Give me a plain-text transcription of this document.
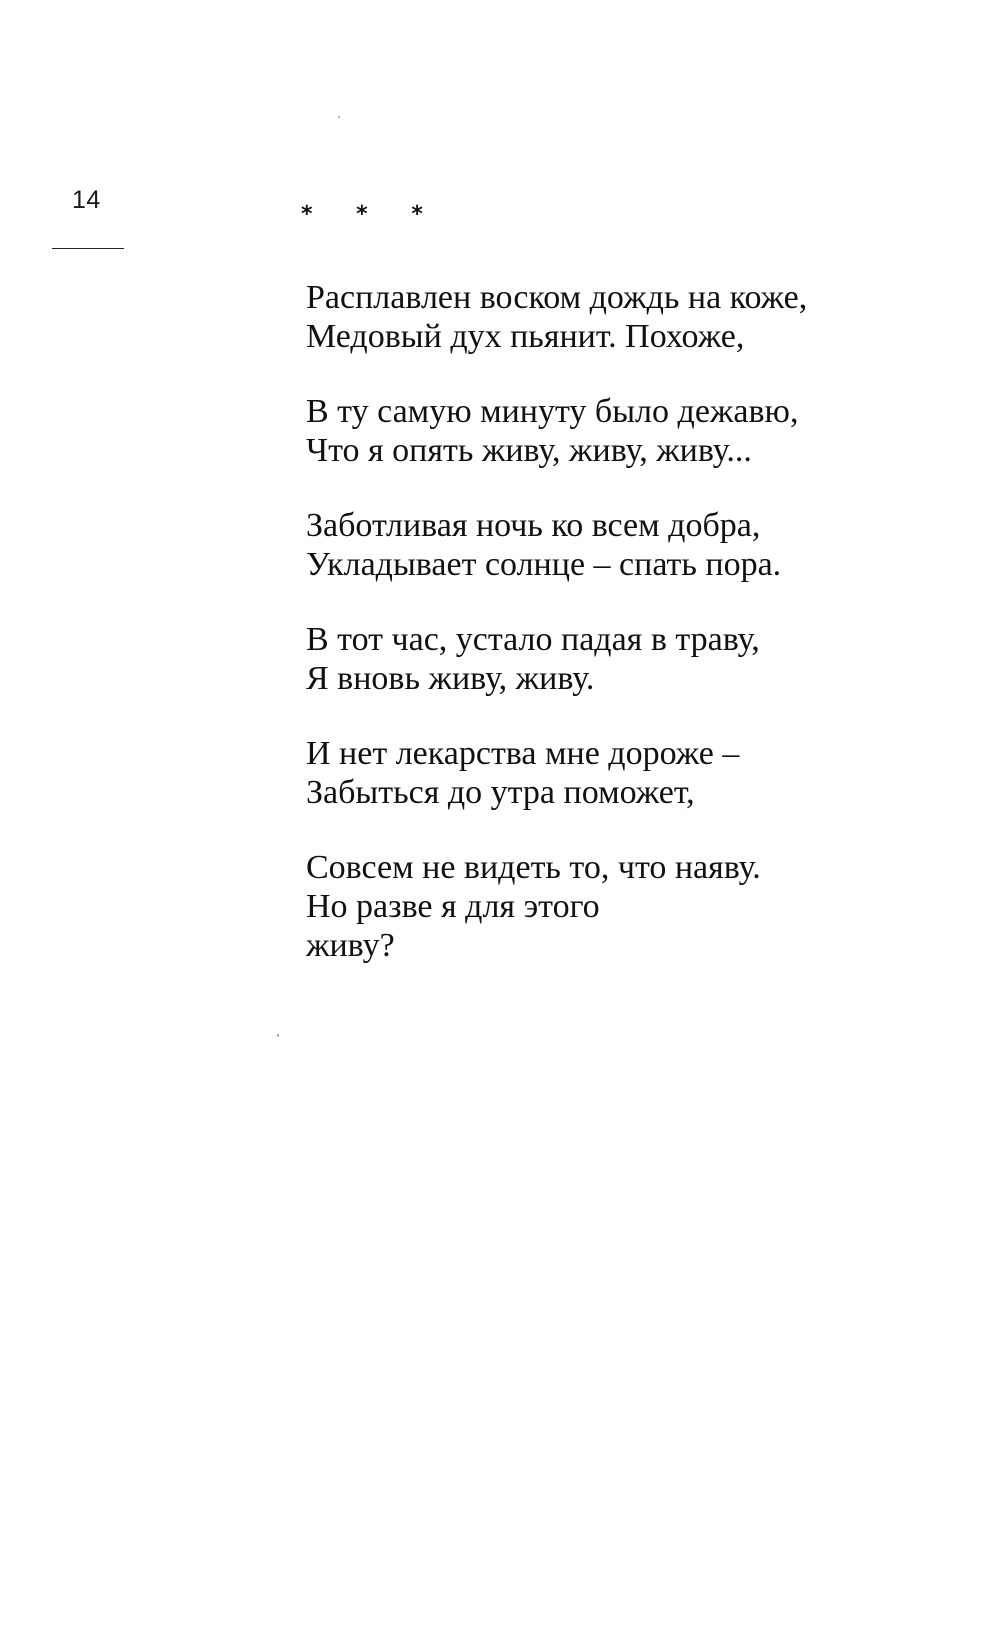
14
* * *
Расплавлен воском дождь на коже,
Медовый дух пьянит. Похоже,
В ту самую минуту было дежавю,
Что я опять живу, живу, живу...
Заботливая ночь ко всем добра,
Укладывает солнце – спать пора.
В тот час, устало падая в траву,
Я вновь живу, живу.
И нет лекарства мне дороже –
Забыться до утра поможет,
Совсем не видеть то, что наяву.
Но разве я для этого
живу?
